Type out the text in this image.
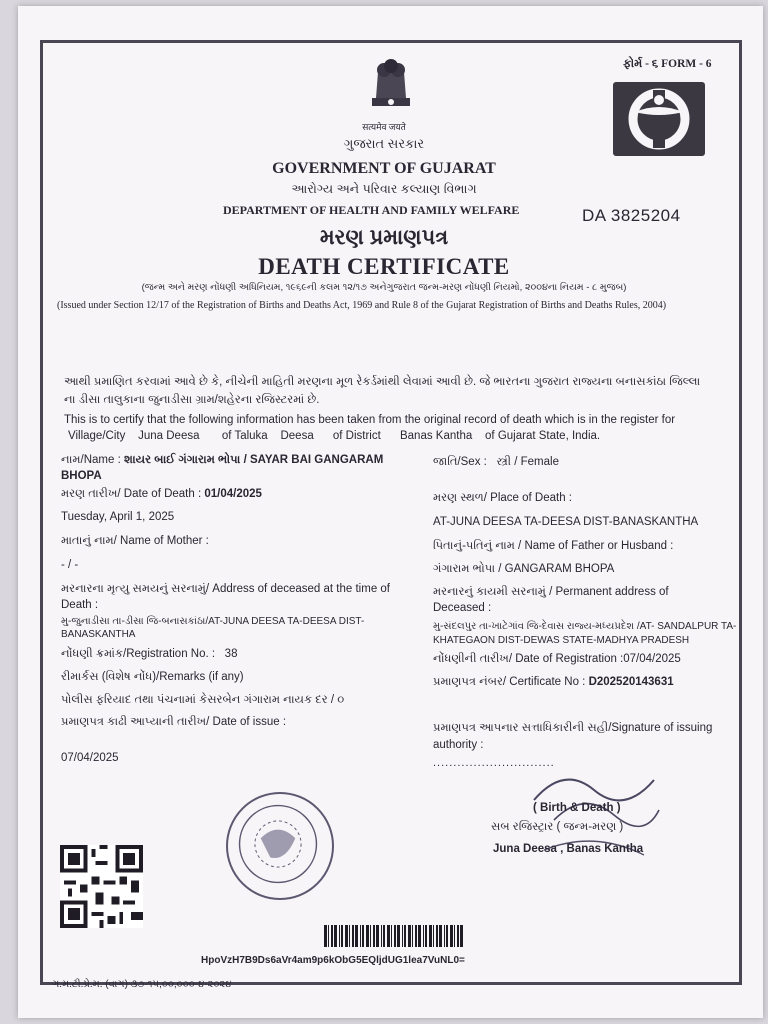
ફોર્મ - ૬ FORM - 6
सत्यमेव जयते
ગુજરાત સરકાર
GOVERNMENT OF GUJARAT
આરોગ્ય અને પરિવાર કલ્યાણ વિભાગ
DEPARTMENT OF HEALTH AND FAMILY WELFARE	DA 3825204
મરણ પ્રમાણપત્ર
DEATH CERTIFICATE
(જન્મ અને મરણ નોંધણી અધિનિયમ, ૧૯૬૯ની કલમ ૧૨/૧૭ અનેગુજરાત જન્મ-મરણ નોંધણી નિયમો, ૨૦૦૪ના નિયમ - ૮ મુજબ)
(Issued under Section 12/17 of the Registration of Births and Deaths Act, 1969 and Rule 8 of the Gujarat Registration of Births and Deaths Rules, 2004)
આથી પ્રમાણિત કરવામાં આવે છે કે, નીચેની માહિતી મરણના મૂળ રેકર્ડમાંથી લેવામાં આવી છે. જે ભારતના ગુજરાત રાજ્યના બનાસકાંઠા જિલ્લા
ના ડીસા તાલુકાના જુનાડીસા ગ્રામ/શહેરના રજિસ્ટરમાં છે.
This is to certify that the following information has been taken from the original record of death which is in the register for
Village/City Juna Deesa of Taluka Deesa of District Banas Kantha of Gujarat State, India.
નામ/Name : શાયર બાઈ ગંગારામ ભોપા / SAYAR BAI GANGARAM
BHOPA
મરણ તારીખ/ Date of Death : 01/04/2025
Tuesday, April 1, 2025
માતાનું નામ/ Name of Mother :
- / -
મરનારના મૃત્યુ સમયનું સરનામું/ Address of deceased at the time of
Death :
મુ-જુનાડીસા તા-ડીસા જિ-બનાસકાંઠા/AT-JUNA DEESA TA-DEESA DIST-
BANASKANTHA
નોંધણી ક્રમાંક/Registration No. : 38
રીમાર્કસ (વિશેષ નોંધ)/Remarks (if any)
પોલીસ ફરિયાદ તથા પંચનામાં કેસરબેન ગંગારામ નાયક દર / ૦
પ્રમાણપત્ર કાઢી આપ્યાની તારીખ/ Date of issue :
07/04/2025
જાતિ/Sex : સ્ત્રી / Female
મરણ સ્થળ/ Place of Death :
AT-JUNA DEESA TA-DEESA DIST-BANASKANTHA
પિતાનું-પતિનું નામ / Name of Father or Husband :
ગંગારામ ભોપા / GANGARAM BHOPA
મરનારનું કાયમી સરનામું / Permanent address of
Deceased :
મુ-સંદલપુર તા-ખાટેગાંવ જિ-દેવાસ રાજ્ય-મધ્યપ્રદેશ /AT- SANDALPUR TA-
KHATEGAON DIST-DEWAS STATE-MADHYA PRADESH
નોંધણીની તારીખ/ Date of Registration :07/04/2025
પ્રમાણપત્ર નંબર/ Certificate No : D202520143631
પ્રમાણપત્ર આપનાર સત્તાધિકારીની સહી/Signature of issuing
authority :
..............................
( Birth & Death )
સબ રજિસ્ટ્રાર ( જન્મ-મરણ )
Juna Deesa , Banas Kantha
HpoVzH7B9Ds6aVr4am9p6kObG5EQljdUG1lea7VuNL0=
ગ.મ.ટી.પ્રે.મ. (વાગ) ૩૭-૧૫,૦૦,૦૦૦-૪-૨૦૨૪
